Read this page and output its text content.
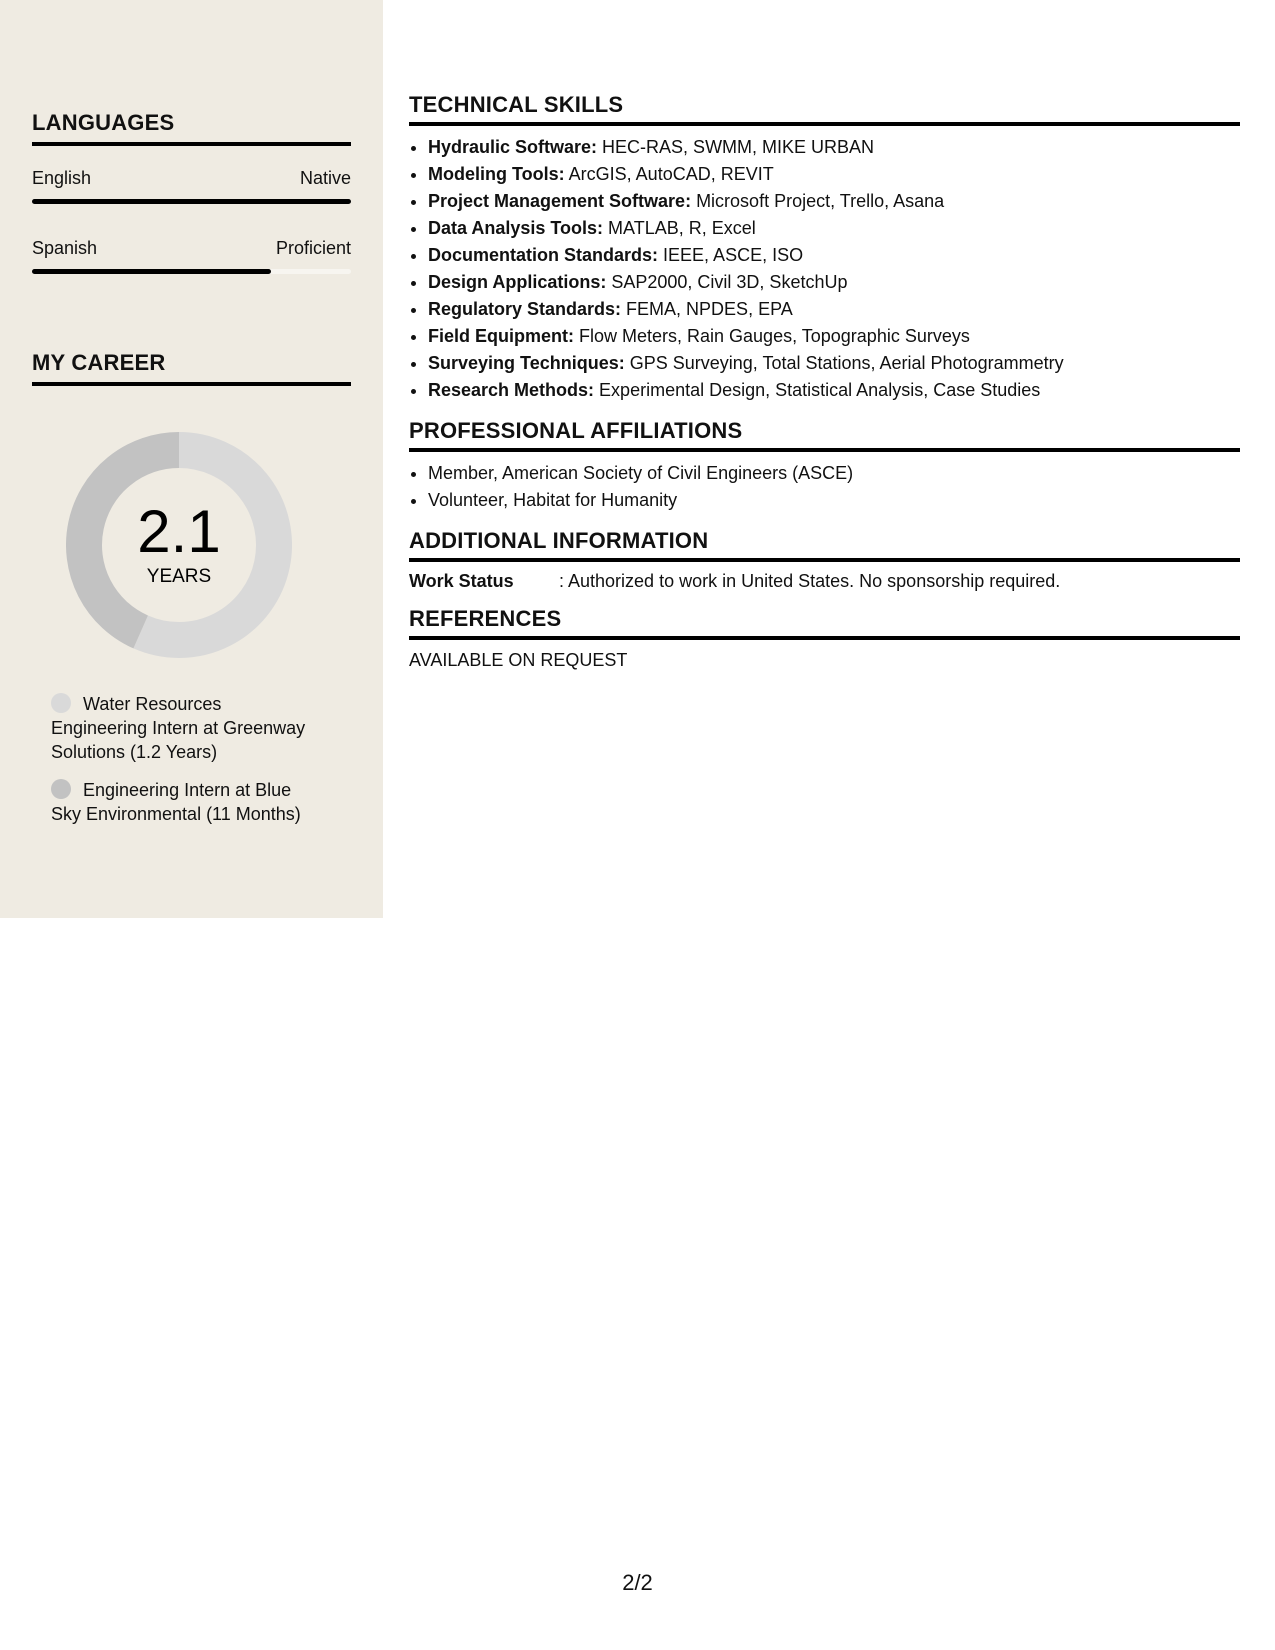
LANGUAGES
English	Native
Spanish	Proficient
MY CAREER
2.1
YEARS
Water Resources Engineering Intern at Greenway Solutions (1.2 Years)
Engineering Intern at Blue Sky Environmental (11 Months)
TECHNICAL SKILLS
• Hydraulic Software: HEC-RAS, SWMM, MIKE URBAN
• Modeling Tools: ArcGIS, AutoCAD, REVIT
• Project Management Software: Microsoft Project, Trello, Asana
• Data Analysis Tools: MATLAB, R, Excel
• Documentation Standards: IEEE, ASCE, ISO
• Design Applications: SAP2000, Civil 3D, SketchUp
• Regulatory Standards: FEMA, NPDES, EPA
• Field Equipment: Flow Meters, Rain Gauges, Topographic Surveys
• Surveying Techniques: GPS Surveying, Total Stations, Aerial Photogrammetry
• Research Methods: Experimental Design, Statistical Analysis, Case Studies
PROFESSIONAL AFFILIATIONS
• Member, American Society of Civil Engineers (ASCE)
• Volunteer, Habitat for Humanity
ADDITIONAL INFORMATION
Work Status	: Authorized to work in United States. No sponsorship required.
REFERENCES
AVAILABLE ON REQUEST
2/2
